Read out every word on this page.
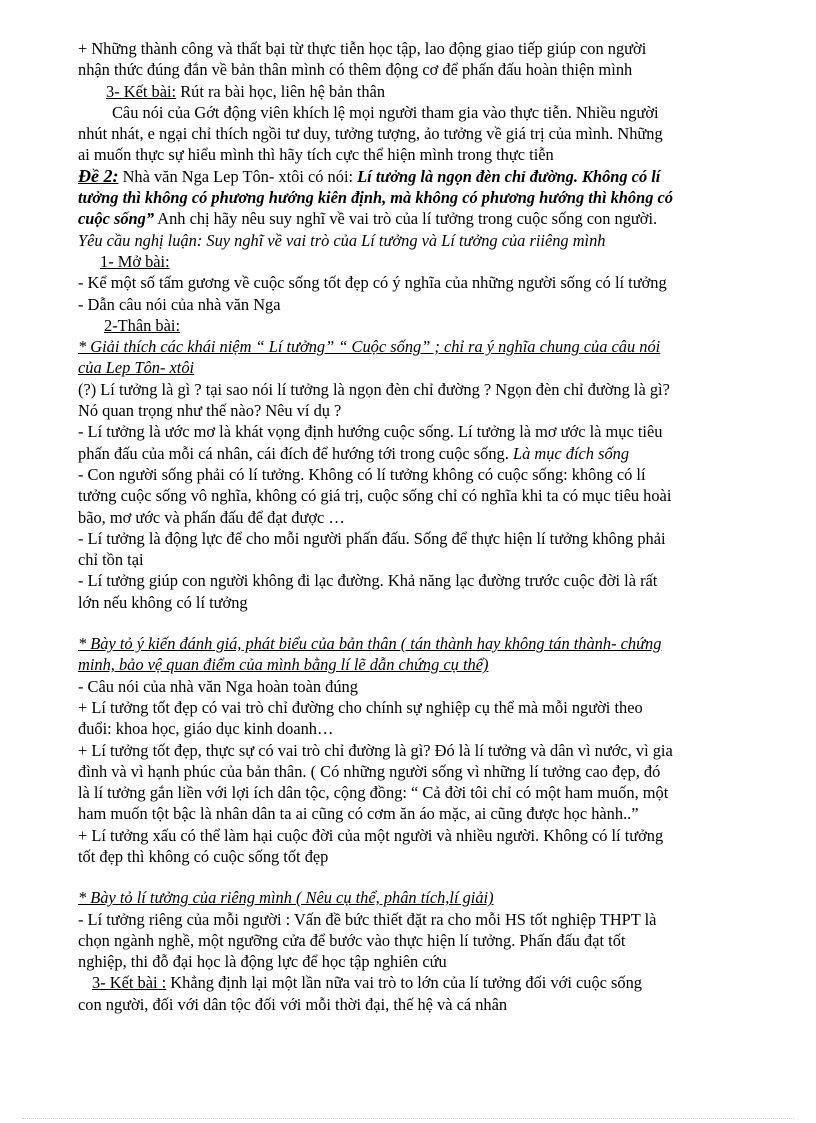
+ Những thành công và thất bại từ thực tiễn học tập, lao động giao tiếp giúp con người

nhận thức đúng đắn về bản thân mình có thêm động cơ để phấn đấu hoàn thiện mình

3- Kết bài: Rút ra bài học, liên hệ bản thân

Câu nói của Gớt động viên khích lệ mọi người tham gia vào thực tiễn. Nhiều người

nhút nhát, e ngại chỉ thích ngồi tư duy, tưởng tượng, ảo tưởng về giá trị của mình. Những

ai muốn thực sự hiểu mình thì hãy tích cực thể hiện mình trong thực tiễn

Đề 2: Nhà văn Nga Lep Tôn- xtôi có nói: Lí tưởng là ngọn đèn chỉ đường. Không có lí

tưởng thì không có phương hướng kiên định, mà không có phương hướng thì không có

cuộc sống” Anh chị hãy nêu suy nghĩ về vai trò của lí tưởng trong cuộc sống con người.

Yêu cầu nghị luận: Suy nghĩ về vai trò của Lí tưởng và Lí tưởng của riiêng mình

1- Mở bài:

- Kể một số tấm gương về cuộc sống tốt đẹp có ý nghĩa của những người sống có lí tưởng

- Dẫn câu nói của nhà văn Nga

2-Thân bài:

* Giải thích các khái niệm “ Lí tưởng” “ Cuộc sống” ; chỉ ra ý nghĩa chung của câu nói

của Lep Tôn- xtôi

(?) Lí tưởng là gì ? tại sao nói lí tưởng là ngọn đèn chỉ đường ? Ngọn đèn chỉ đường là gì?

Nó quan trọng như thế nào? Nêu ví dụ ?

- Lí tưởng là ước mơ là khát vọng định hướng cuộc sống. Lí tưởng là mơ ước là mục tiêu

phấn đấu của mỗi cá nhân, cái đích để hướng tới trong cuộc sống. Là mục đích sống

- Con người sống phải có lí tưởng. Không có lí tưởng không có cuộc sống: không có lí

tưởng cuộc sống vô nghĩa, không có giá trị, cuộc sống chỉ có nghĩa khi ta có mục tiêu hoài

bão, mơ ước và phấn đấu để đạt được …

- Lí tưởng là động lực để cho mỗi người phấn đấu. Sống để thực hiện lí tưởng không phải

chỉ tồn tại

- Lí tưởng giúp con người không đi lạc đường. Khả năng lạc đường trước cuộc đời là rất

lớn nếu không có lí tưởng

* Bày tỏ ý kiến đánh giá, phát biểu của bản thân ( tán thành hay không tán thành- chứng

minh, bảo vệ quan điểm của mình bằng lí lẽ dẫn chứng cụ thể)

- Câu nói của nhà văn Nga hoàn toàn đúng

+ Lí tưởng tốt đẹp có vai trò chỉ đường cho chính sự nghiệp cụ thể mà mỗi người theo

đuổi: khoa học, giáo dục kinh doanh…

+ Lí tưởng tốt đẹp, thực sự có vai trò chỉ đường là gì? Đó là lí tưởng và dân vì nước, vì gia

đình và vì hạnh phúc của bản thân. ( Có những người sống vì những lí tưởng cao đẹp, đó

là lí tưởng gắn liền với lợi ích dân tộc, cộng đồng: “ Cả đời tôi chỉ có một ham muốn, một

ham muốn tột bậc là nhân dân ta ai cũng có cơm ăn áo mặc, ai cũng được học hành..”

+ Lí tưởng xấu có thể làm hại cuộc đời của một người và nhiều người. Không có lí tưởng

tốt đẹp thì không có cuộc sống tốt đẹp

* Bày tỏ lí tưởng của riêng mình ( Nêu cụ thể, phân tích,lí giải)

- Lí tưởng riêng của mỗi người : Vấn đề bức thiết đặt ra cho mỗi HS tốt nghiệp THPT là

chọn ngành nghề, một ngưỡng cửa để bước vào thực hiện lí tưởng. Phấn đấu đạt tốt

nghiệp, thi đỗ đại học là động lực để học tập nghiên cứu

3- Kết bài : Khẳng định lại một lần nữa vai trò to lớn của lí tưởng đối với cuộc sống

con người, đối với dân tộc đối với mỗi thời đại, thế hệ và cá nhân
